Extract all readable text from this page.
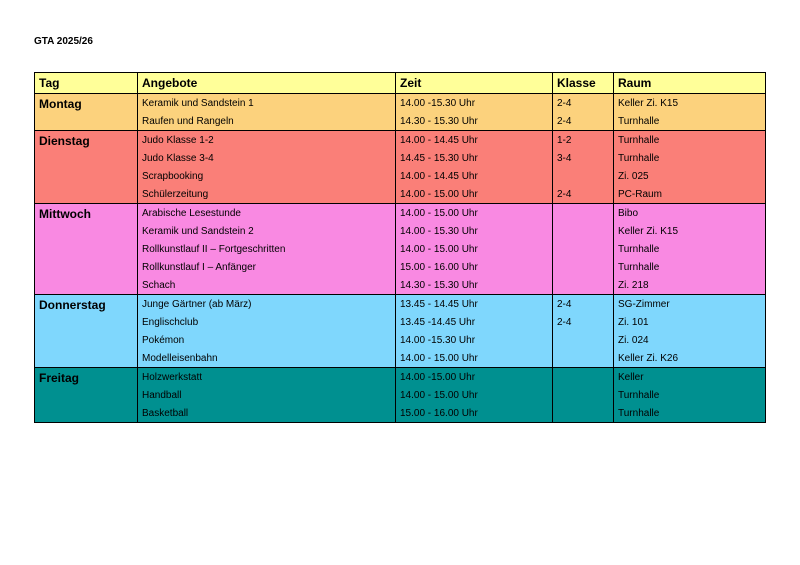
GTA 2025/26
Tag	Angebote	Zeit	Klasse	Raum
Montag	Keramik und Sandstein 1	14.00 -15.30 Uhr	2-4	Keller Zi. K15
	Raufen und Rangeln	14.30 - 15.30 Uhr	2-4	Turnhalle
Dienstag	Judo Klasse 1-2	14.00 - 14.45 Uhr	1-2	Turnhalle
	Judo Klasse 3-4	14.45 - 15.30 Uhr	3-4	Turnhalle
	Scrapbooking	14.00 - 14.45 Uhr		Zi. 025
	Schülerzeitung	14.00 - 15.00 Uhr	2-4	PC-Raum
Mittwoch	Arabische Lesestunde	14.00 - 15.00 Uhr		Bibo
	Keramik und Sandstein 2	14.00 - 15.30 Uhr		Keller Zi. K15
	Rollkunstlauf II – Fortgeschritten	14.00 - 15.00 Uhr		Turnhalle
	Rollkunstlauf I – Anfänger	15.00 - 16.00 Uhr		Turnhalle
	Schach	14.30 - 15.30 Uhr		Zi. 218
Donnerstag	Junge Gärtner (ab März)	13.45 - 14.45 Uhr	2-4	SG-Zimmer
	Englischclub	13.45 -14.45 Uhr	2-4	Zi. 101
	Pokémon	14.00 -15.30 Uhr		Zi. 024
	Modelleisenbahn	14.00 - 15.00 Uhr		Keller Zi. K26
Freitag	Holzwerkstatt	14.00 -15.00 Uhr		Keller
	Handball	14.00 - 15.00 Uhr		Turnhalle
	Basketball	15.00 - 16.00 Uhr		Turnhalle
